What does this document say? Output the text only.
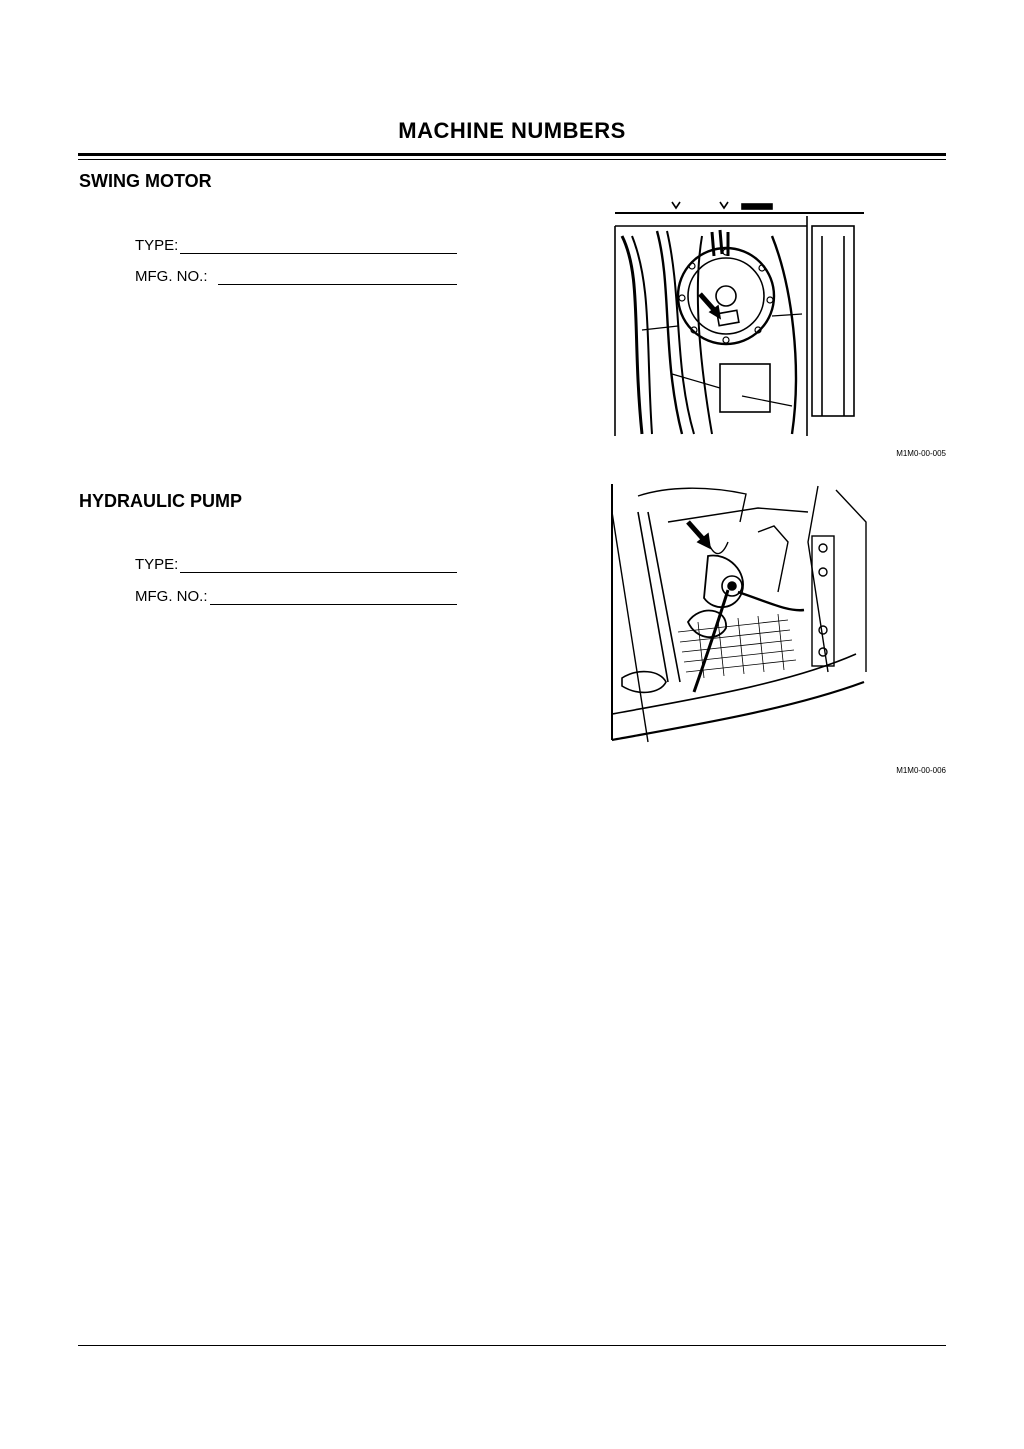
MACHINE NUMBERS
SWING MOTOR
TYPE:
MFG. NO.:
M1M0-00-005
HYDRAULIC PUMP
TYPE:
MFG. NO.:
M1M0-00-006
